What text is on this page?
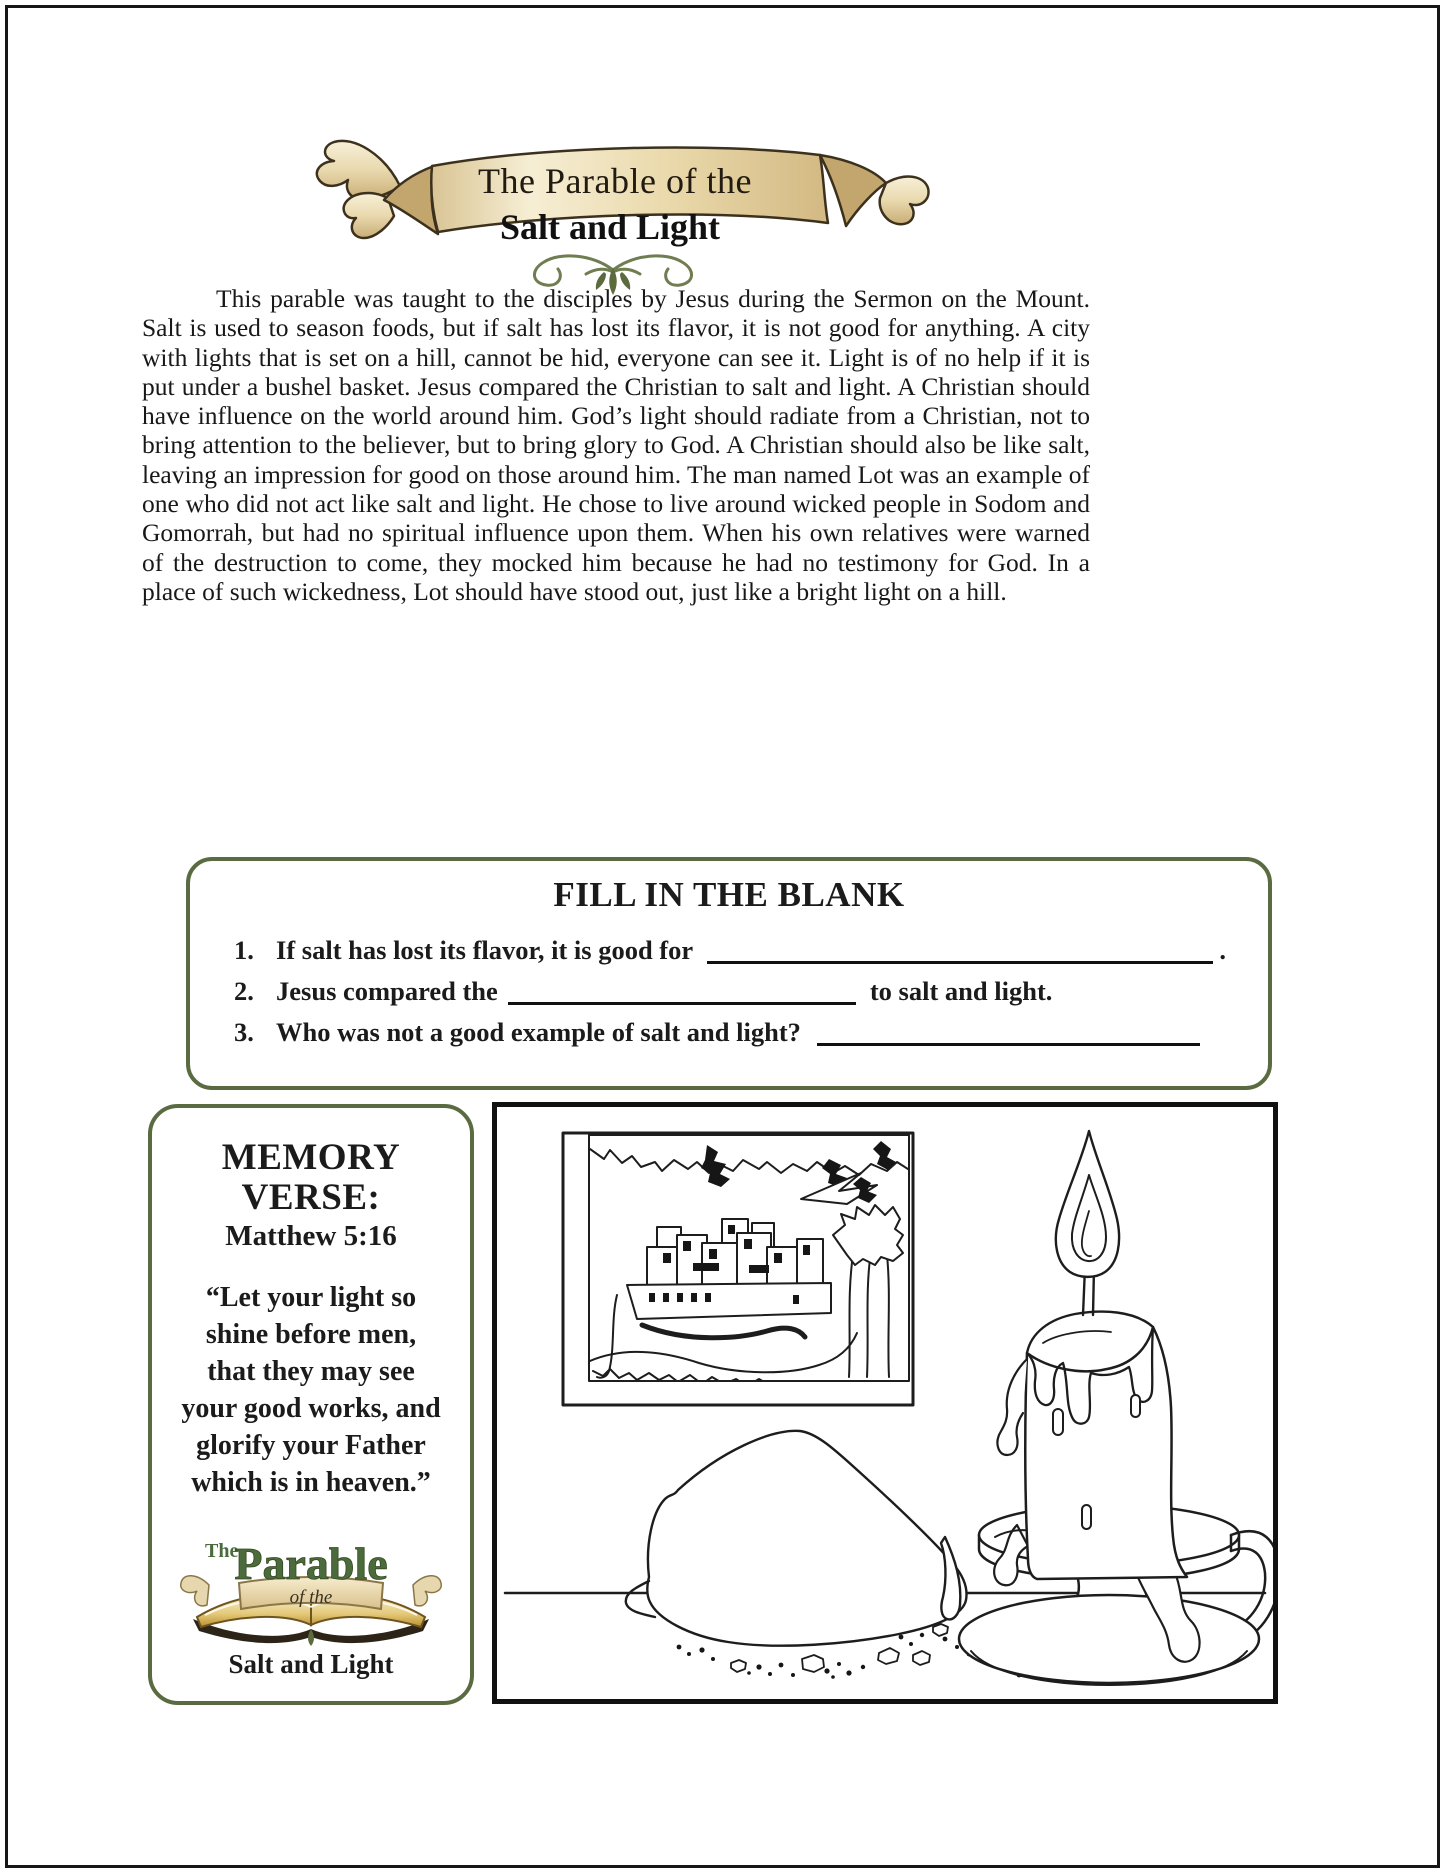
The Parable of the
Salt and Light
This parable was taught to the disciples by Jesus during the Sermon on the Mount. Salt is used to season foods, but if salt has lost its flavor, it is not good for anything. A city with lights that is set on a hill, cannot be hid, everyone can see it. Light is of no help if it is put under a bushel basket. Jesus compared the Christian to salt and light. A Christian should have influence on the world around him. God’s light should radiate from a Christian, not to bring attention to the believer, but to bring glory to God. A Christian should also be like salt, leaving an impression for good on those around him. The man named Lot was an example of one who did not act like salt and light. He chose to live around wicked people in Sodom and Gomorrah, but had no spiritual influence upon them. When his own relatives were warned of the destruction to come, they mocked him because he had no testimony for God. In a place of such wickedness, Lot should have stood out, just like a bright light on a hill.
FILL IN THE BLANK
1. If salt has lost its flavor, it is good for	.
2. Jesus compared the	to salt and light.
3. Who was not a good example of salt and light?
MEMORY
VERSE:
Matthew 5:16
“Let your light so
shine before men,
that they may see
your good works, and
glorify your Father
which is in heaven.”
The
Parable
of the
Salt and Light
